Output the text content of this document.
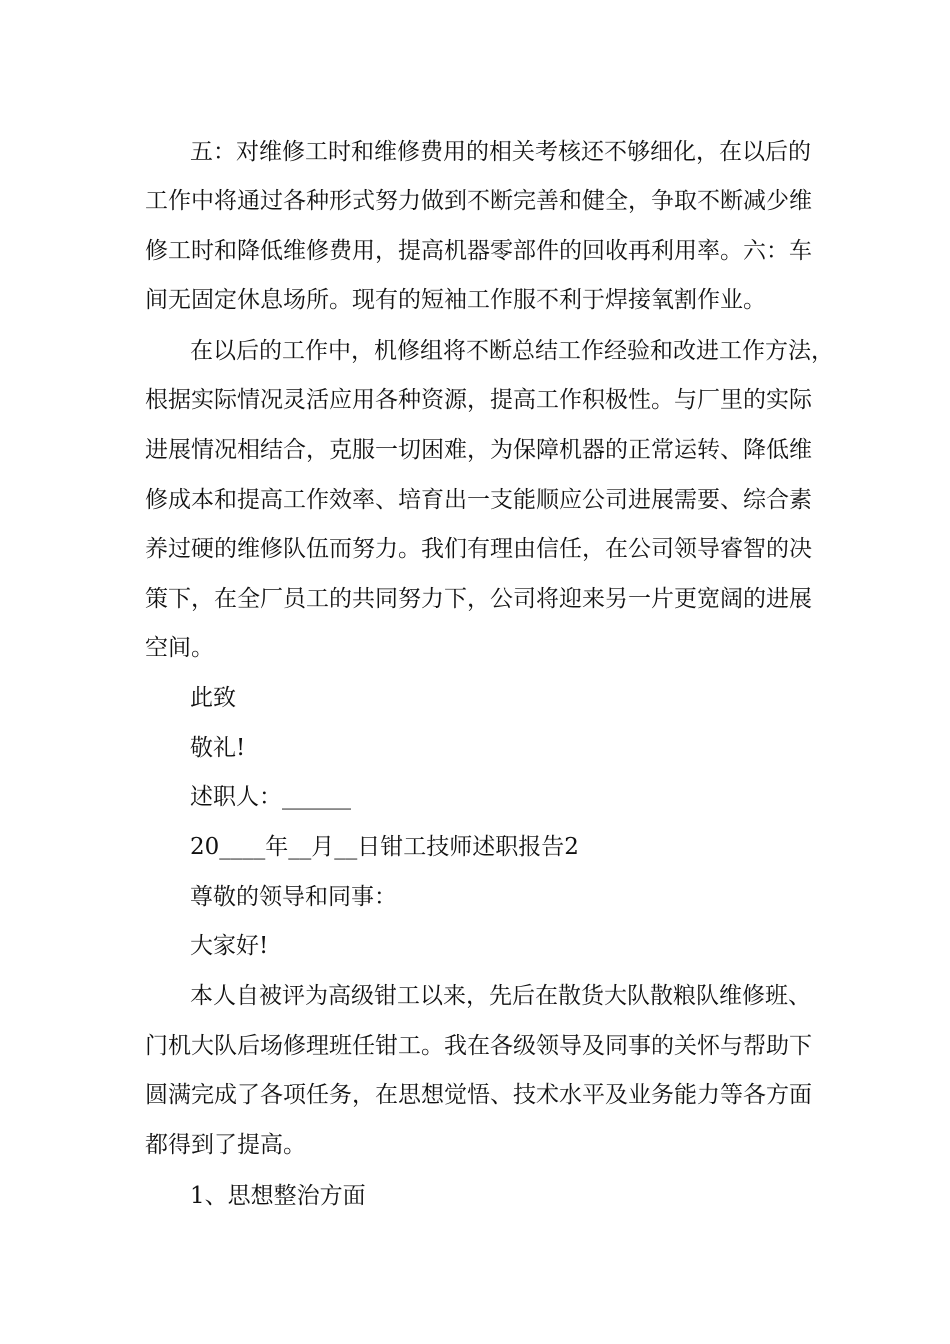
五：对维修工时和维修费用的相关考核还不够细化，在以后的
工作中将通过各种形式努力做到不断完善和健全，争取不断减少维
修工时和降低维修费用，提高机器零部件的回收再利用率。六：车
间无固定休息场所。现有的短袖工作服不利于焊接氧割作业。
在以后的工作中，机修组将不断总结工作经验和改进工作方法，
根据实际情况灵活应用各种资源，提高工作积极性。与厂里的实际
进展情况相结合，克服一切困难，为保障机器的正常运转、降低维
修成本和提高工作效率、培育出一支能顺应公司进展需要、综合素
养过硬的维修队伍而努力。我们有理由信任，在公司领导睿智的决
策下，在全厂员工的共同努力下，公司将迎来另一片更宽阔的进展
空间。
此致
敬礼!
述职人：______
20____年__月__日钳工技师述职报告2
尊敬的领导和同事：
大家好!
本人自被评为高级钳工以来，先后在散货大队散粮队维修班、
门机大队后场修理班任钳工。我在各级领导及同事的关怀与帮助下
圆满完成了各项任务，在思想觉悟、技术水平及业务能力等各方面
都得到了提高。
1、思想整治方面
